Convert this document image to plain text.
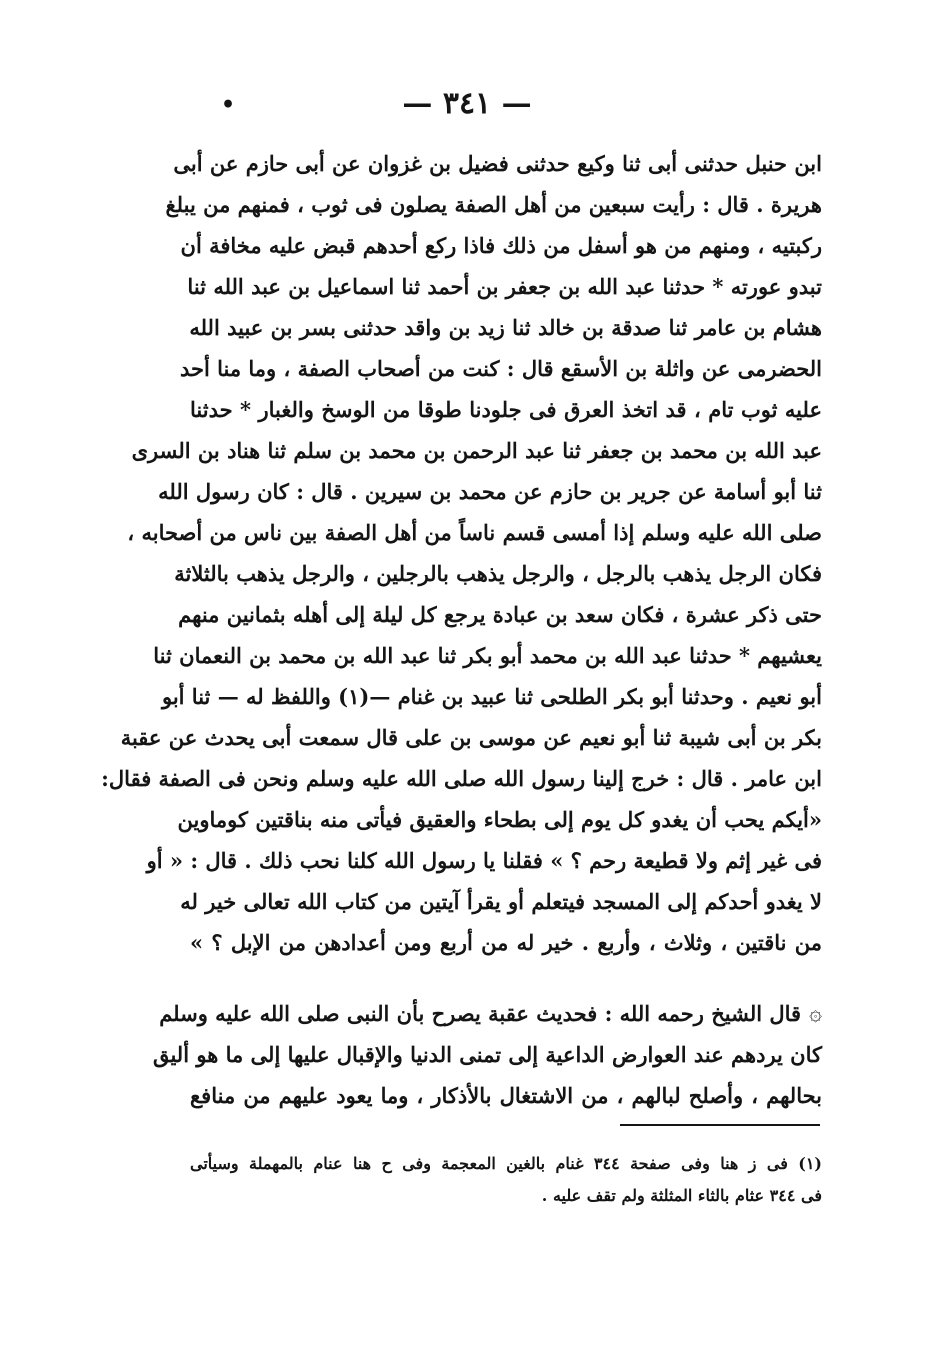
— ٣٤١ —
•
ابن حنبل حدثنى أبى ثنا وكيع حدثنى فضيل بن غزوان عن أبى حازم عن أبى
هريرة . قال : رأيت سبعين من أهل الصفة يصلون فى ثوب ، فمنهم من يبلغ
ركبتيه ، ومنهم من هو أسفل من ذلك فاذا ركع أحدهم قبض عليه مخافة أن
تبدو عورته * حدثنا عبد الله بن جعفر بن أحمد ثنا اسماعيل بن عبد الله ثنا
هشام بن عامر ثنا صدقة بن خالد ثنا زيد بن واقد حدثنى بسر بن عبيد الله
الحضرمى عن واثلة بن الأسقع قال : كنت من أصحاب الصفة ، وما منا أحد
عليه ثوب تام ، قد اتخذ العرق فى جلودنا طوقا من الوسخ والغبار * حدثنا
عبد الله بن محمد بن جعفر ثنا عبد الرحمن بن محمد بن سلم ثنا هناد بن السرى
ثنا أبو أسامة عن جرير بن حازم عن محمد بن سيرين . قال : كان رسول الله
صلى الله عليه وسلم إذا أمسى قسم ناساً من أهل الصفة بين ناس من أصحابه ،
فكان الرجل يذهب بالرجل ، والرجل يذهب بالرجلين ، والرجل يذهب بالثلاثة
حتى ذكر عشرة ، فكان سعد بن عبادة يرجع كل ليلة إلى أهله بثمانين منهم
يعشيهم * حدثنا عبد الله بن محمد أبو بكر ثنا عبد الله بن محمد بن النعمان ثنا
أبو نعيم . وحدثنا أبو بكر الطلحى ثنا عبيد بن غنام —(١) واللفظ له — ثنا أبو
بكر بن أبى شيبة ثنا أبو نعيم عن موسى بن على قال سمعت أبى يحدث عن عقبة
ابن عامر . قال : خرج إلينا رسول الله صلى الله عليه وسلم ونحن فى الصفة فقال:
«أيكم يحب أن يغدو كل يوم إلى بطحاء والعقيق فيأتى منه بناقتين كوماوين
فى غير إثم ولا قطيعة رحم ؟ » فقلنا يا رسول الله كلنا نحب ذلك . قال : « أو
لا يغدو أحدكم إلى المسجد فيتعلم أو يقرأ آيتين من كتاب الله تعالى خير له
من ناقتين ، وثلاث ، وأربع . خير له من أربع ومن أعدادهن من الإبل ؟ »
۞
قال الشيخ رحمه الله : فحديث عقبة يصرح بأن النبى صلى الله عليه وسلم
كان يردهم عند العوارض الداعية إلى تمنى الدنيا والإقبال عليها إلى ما هو أليق
بحالهم ، وأصلح لبالهم ، من الاشتغال بالأذكار ، وما يعود عليهم من منافع
(١) فى ز هنا وفى صفحة ٣٤٤ غنام بالغين المعجمة وفى ح هنا عنام بالمهملة وسيأتى
فى ٣٤٤ عثام بالثاء المثلثة ولم تقف عليه .
